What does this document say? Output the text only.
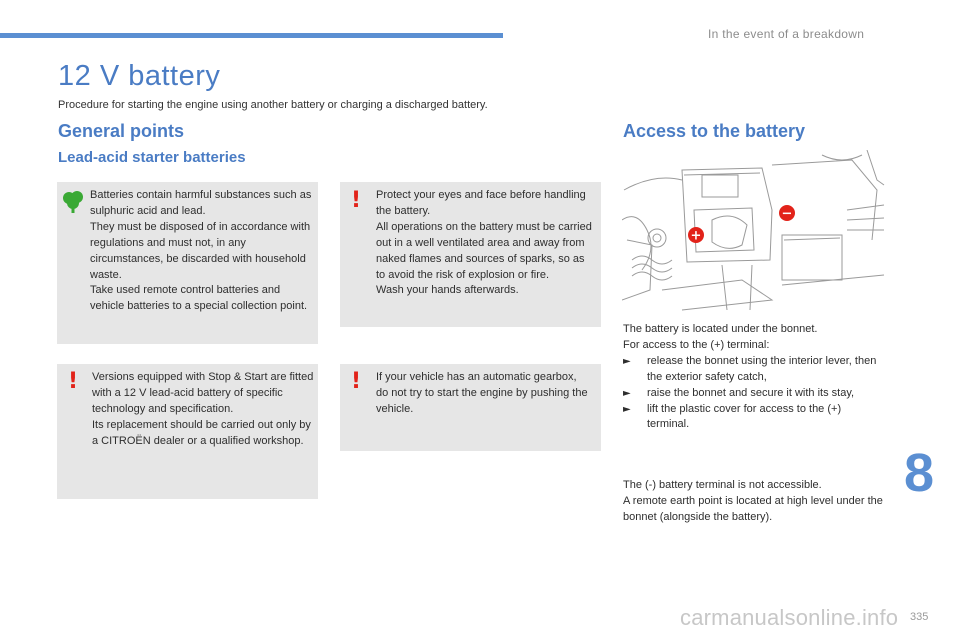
In the event of a breakdown
12 V battery
Procedure for starting the engine using another battery or charging a discharged battery.
General points
Lead-acid starter batteries

Batteries contain harmful substances such as sulphuric acid and lead.

They must be disposed of in accordance with regulations and must not, in any circumstances, be discarded with household waste.

Take used remote control batteries and vehicle batteries to a special collection point.

! Protect your eyes and face before handling the battery.

All operations on the battery must be carried out in a well ventilated area and away from naked flames and sources of sparks, so as to avoid the risk of explosion or fire.

Wash your hands afterwards.

! Versions equipped with Stop & Start are fitted with a 12 V lead-acid battery of specific technology and specification.

Its replacement should be carried out only by a CITROËN dealer or a qualified workshop.

! If your vehicle has an automatic gearbox, do not try to start the engine by pushing the vehicle.

Access to the battery
+
−

The battery is located under the bonnet.

For access to the (+) terminal:

► release the bonnet using the interior lever, then the exterior safety catch,

► raise the bonnet and secure it with its stay,

► lift the plastic cover for access to the (+) terminal.

The (-) battery terminal is not accessible.

A remote earth point is located at high level under the bonnet (alongside the battery).

8
carmanualsonline.info 335
